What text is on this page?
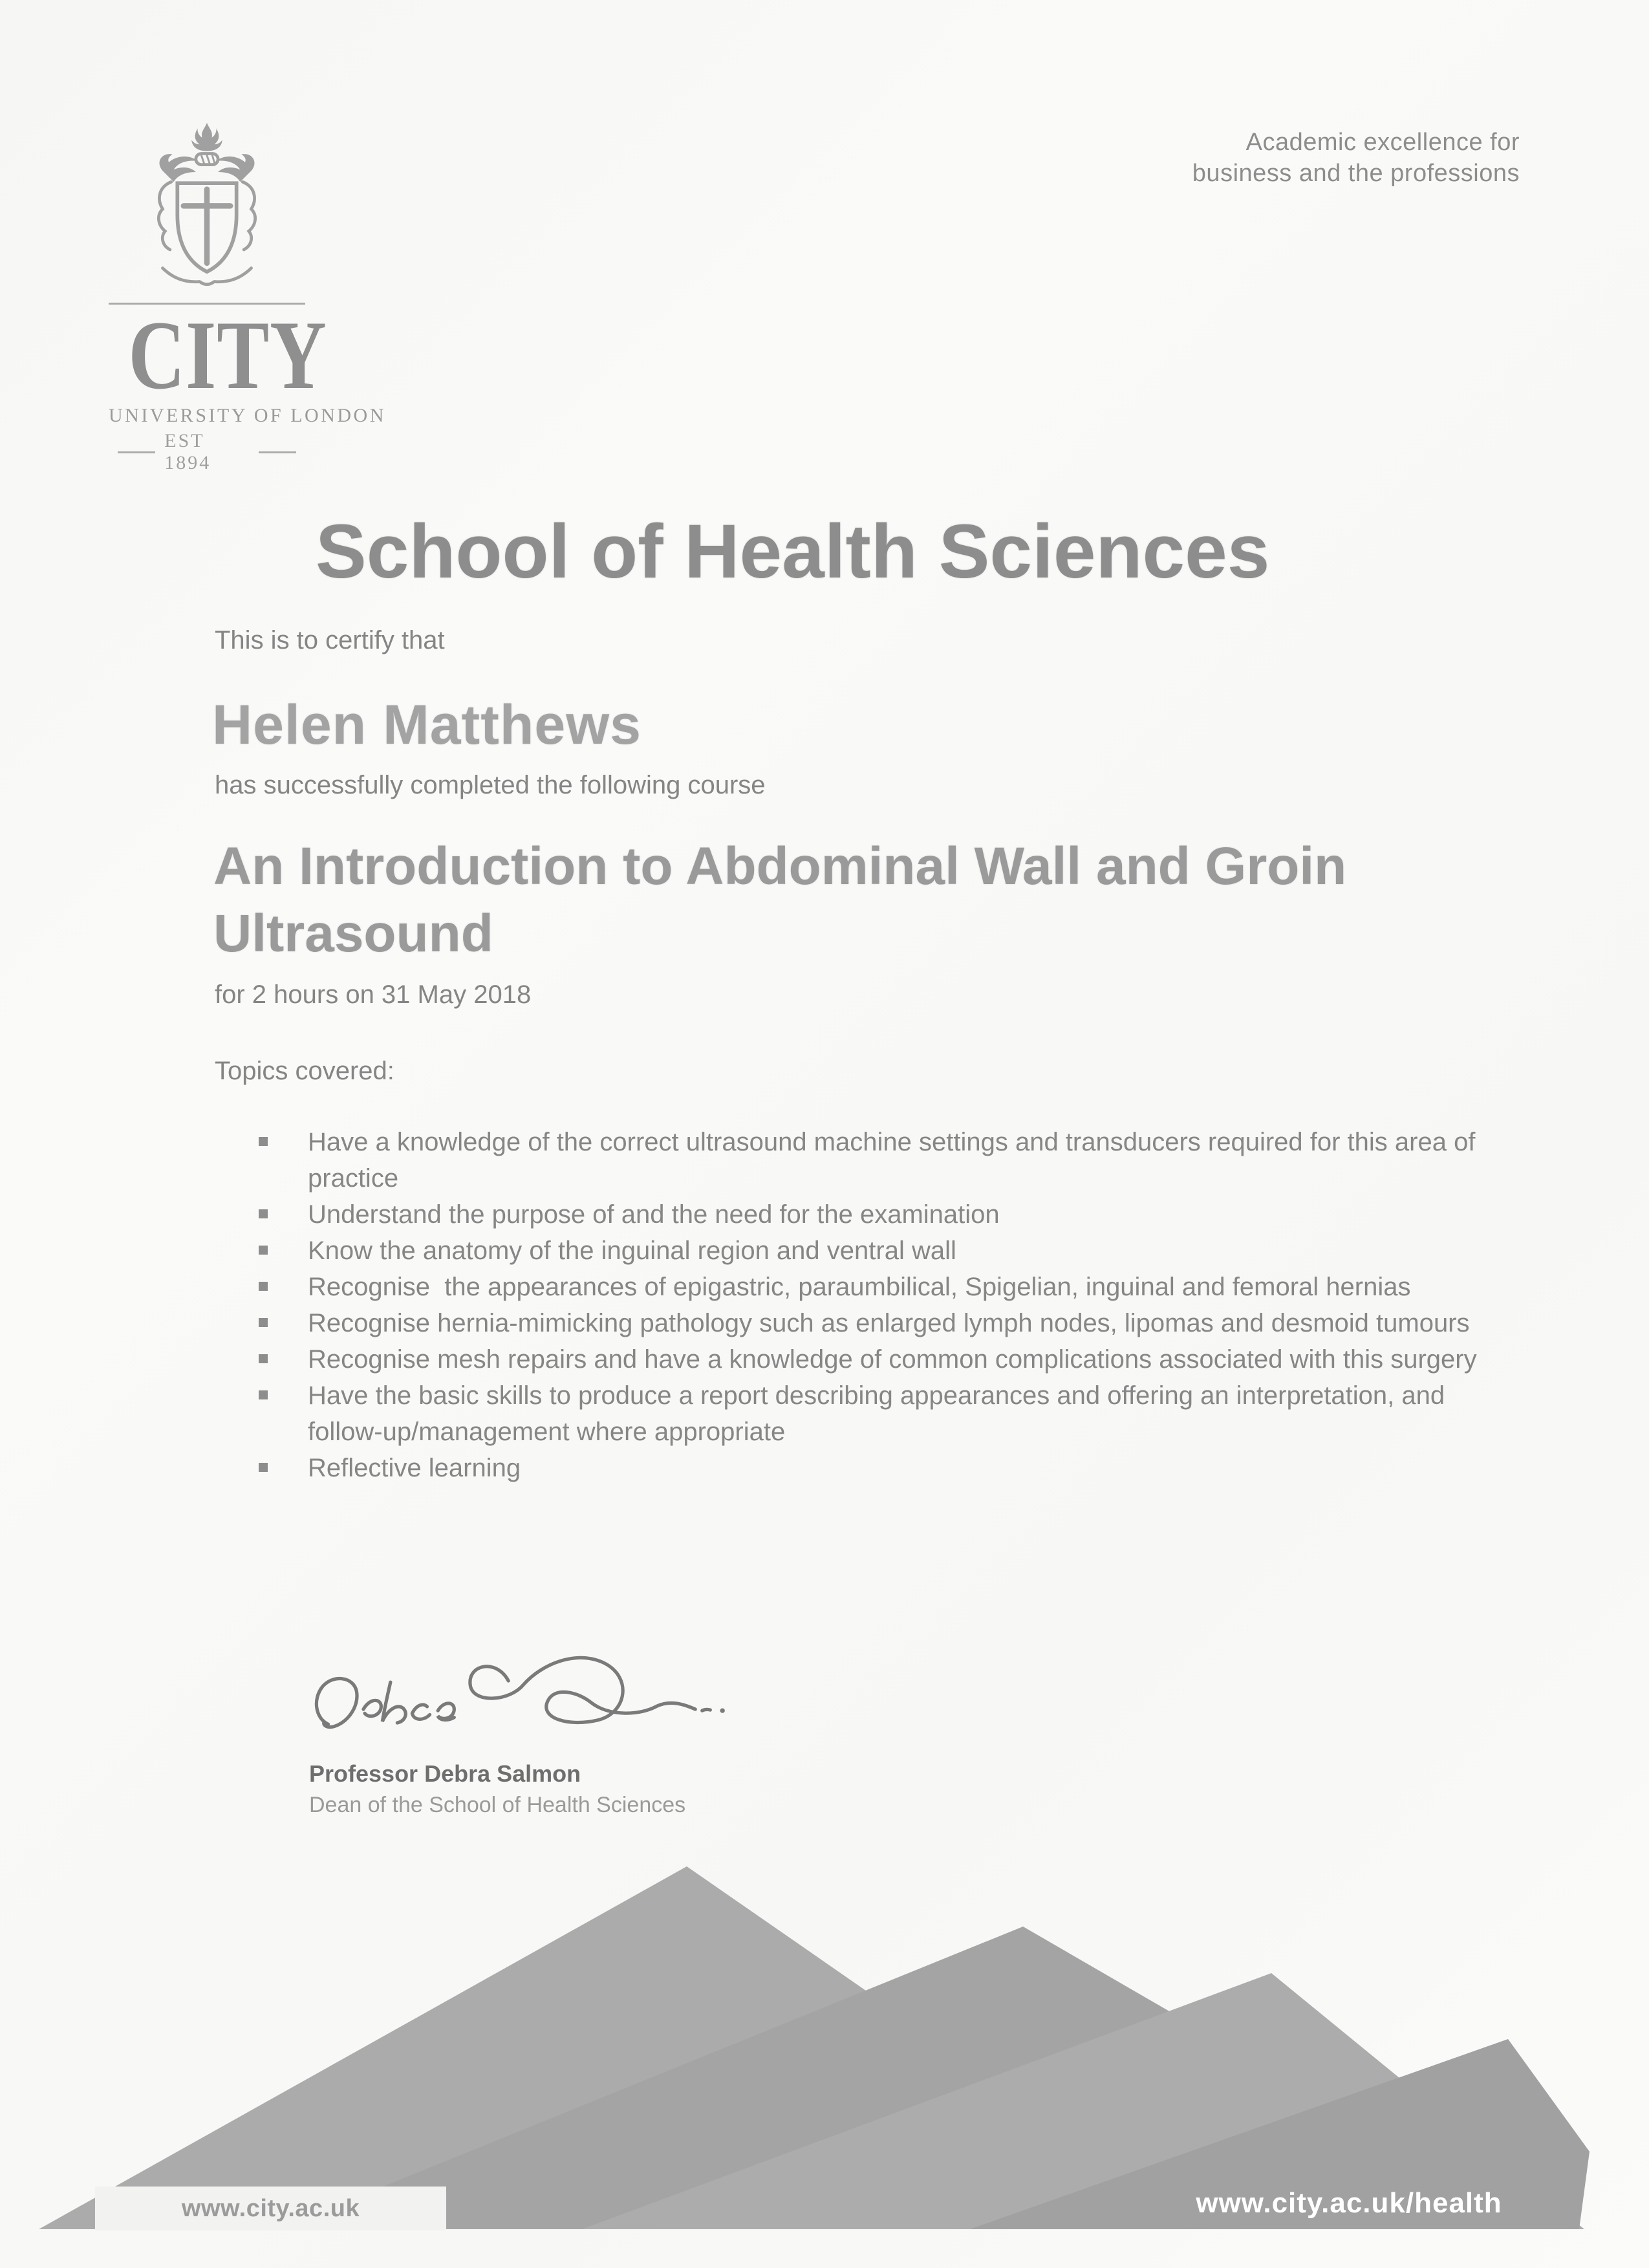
Academic excellence for
business and the professions
CITY
UNIVERSITY OF LONDON
EST 1894
School of Health Sciences
This is to certify that
Helen Matthews
has successfully completed the following course
An Introduction to Abdominal Wall and Groin Ultrasound
for 2 hours on 31 May 2018
Topics covered:
Have a knowledge of the correct ultrasound machine settings and transducers required for this area of practice
Understand the purpose of and the need for the examination
Know the anatomy of the inguinal region and ventral wall
Recognise  the appearances of epigastric, paraumbilical, Spigelian, inguinal and femoral hernias
Recognise hernia-mimicking pathology such as enlarged lymph nodes, lipomas and desmoid tumours
Recognise mesh repairs and have a knowledge of common complications associated with this surgery
Have the basic skills to produce a report describing appearances and offering an interpretation, and follow-up/management where appropriate
Reflective learning
Professor Debra Salmon
Dean of the School of Health Sciences
www.city.ac.uk	www.city.ac.uk/health
